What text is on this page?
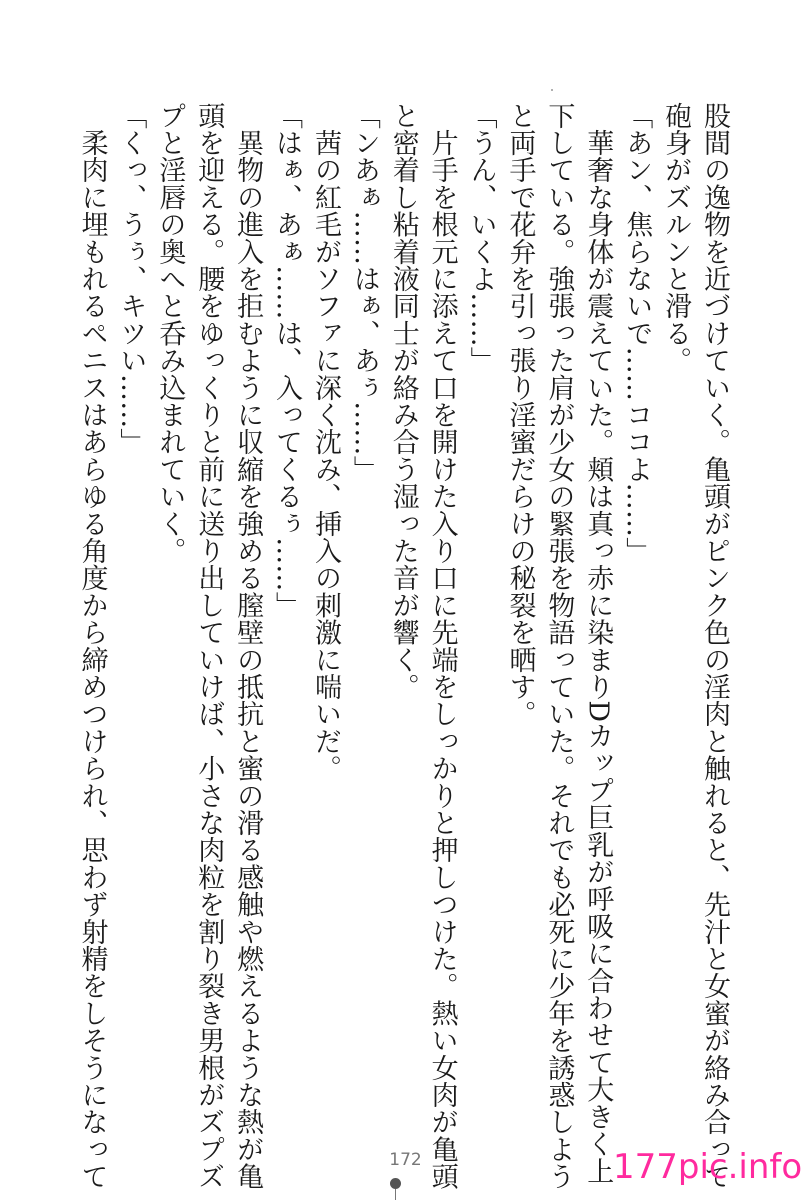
股間の逸物を近づけていく。亀頭がピンク色の淫肉と触れると、先汁と女蜜が絡み合って
砲身がズルンと滑る。

「あン、焦らないで……ココよ……」

　華奢な身体が震えていた。頬は真っ赤に染まりDカップ巨乳が呼吸に合わせて大きく上
下している。強張った肩が少女の緊張を物語っていた。それでも必死に少年を誘惑しよう
と両手で花弁を引っ張り淫蜜だらけの秘裂を晒す。

「うん、いくよ……」

　片手を根元に添えて口を開けた入り口に先端をしっかりと押しつけた。熱い女肉が亀頭
と密着し粘着液同士が絡み合う湿った音が響く。

「ンあぁ……はぁ、あぅ……」

　茜の紅毛がソファに深く沈み、挿入の刺激に喘いだ。

「はぁ、あぁ……は、入ってくるぅ……」

　異物の進入を拒むように収縮を強める膣壁の抵抗と蜜の滑る感触や燃えるような熱が亀
頭を迎える。腰をゆっくりと前に送り出していけば、小さな肉粒を割り裂き男根がズプズ
プと淫唇の奥へと呑み込まれていく。

「くっ、うぅ、キツい……」

　柔肉に埋もれるペニスはあらゆる角度から締めつけられ、思わず射精をしそうになって	172	177pic.info
